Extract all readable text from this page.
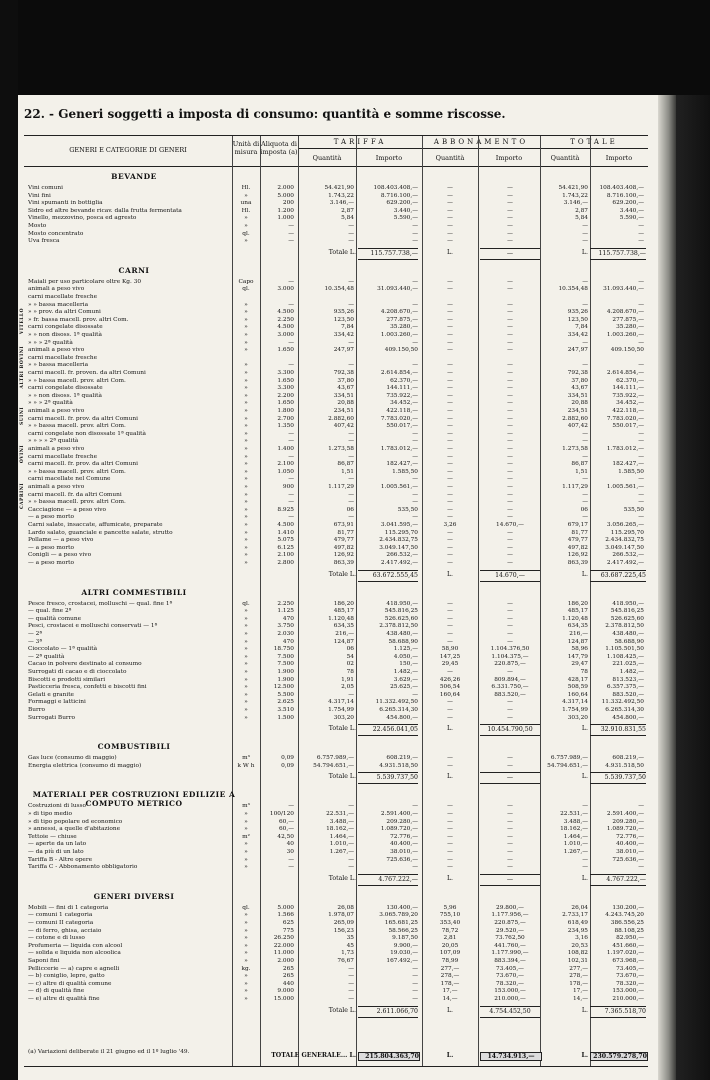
22. - Generi soggetti a imposta di consumo: quantità e somme riscosse.
GENERI E CATEGORIE DI GENERI
Unità di misura
Aliquota di imposta (a)
TARIFFA	ABBONAMENTO	TOTALE
Quantità	Importo	Quantità	Importo	Quantità	Importo
BEVANDE
Vini comuni	Hl.	2.000	54.421,90	108.403.408,—	—	—	54.421,90	108.403.408,—
Vini fini	»	5.000	1.743,22	8.716.100,—	—	—	1.743,22	8.716.100,—
Vini spumanti in bottiglia	una	200	3.146,—	629.200,—	—	—	3.146,—	629.200,—
Sidro ed altre bevande ricav. dalla frutta fermentata	Hl.	1.200	2,87	3.440,—	—	—	2,87	3.440,—
Vinello, mezzovino, posca ed agresto	»	1.000	5,84	5.590,—	—	—	5,84	5.590,—
Mosto	»	—	—	—	—	—	—	—
Mosto concentrato	ql.	—	—	—	—	—	—	—
Uva fresca	»	—	—	—	—	—	—	—
Totale L.	115.757.738,—	L.	—	L.	115.757.738,—
CARNI
Maiali per uso particolare oltre Kg. 30	Capo	—	—	—	—	—	—	—
animali a peso vivo	ql.	3.000	10.354,48	31.093.440,—	—	—	10.354,48	31.093.440,—
carni macellate fresche
» » bassa macelleria	»	—	—	—	—	—	—	—
» » prov. da altri Comuni	»	4.500	935,26	4.208.670,—	—	—	935,26	4.208.670,—
VITELLO » fr. bassa macell. prov. altri Com.	»	2.250	123,50	277.875,—	—	—	123,50	277.875,—
carni congelate disossate	»	4.500	7,84	35.280,—	—	—	7,84	35.280,—
» » non disoss. 1ª qualità	»	3.000	334,42	1.003.260,—	—	—	334,42	1.003.260,—
» » » 2ª qualità	»	—	—	—	—	—	—	—
animali a peso vivo	»	1.650	247,97	409.150,50	—	—	247,97	409.150,50
ALTRI BOVINI carni macellate fresche
» » bassa macelleria	»	—	—	—	—	—	—	—
carni macell. fr. proven. da altri Comuni	»	3.300	792,38	2.614.854,—	—	—	792,38	2.614.854,—
» » bassa macell. prov. altri Com.	»	1.650	37,80	62.370,—	—	—	37,80	62.370,—
carni congelate disossate	»	3.300	43,67	144.111,—	—	—	43,67	144.111,—
» » non disoss. 1ª qualità	»	2.200	334,51	735.922,—	—	—	334,51	735.922,—
» » » 2ª qualità	»	1.650	20,88	34.452,—	—	—	20,88	34.452,—
animali a peso vivo	»	1.800	234,51	422.118,—	—	—	234,51	422.118,—
SUINI carni macell. fr. prov. da altri Comuni	»	2.700	2.882,60	7.783.020,—	—	—	2.882,60	7.783.020,—
» » bassa macell. prov. altri Com.	»	1.350	407,42	550.017,—	—	—	407,42	550.017,—
carni congelate non disossate 1ª qualità	»	—	—	—	—	—	—	—
» » » » 2ª qualità	»	—	—	—	—	—	—	—
animali a peso vivo	»	1.400	1.273,58	1.783.012,—	—	—	1.273,58	1.783.012,—
OVINI carni macellate fresche	»	—	—	—	—	—	—	—
carni macell. fr. prov. da altri Comuni	»	2.100	86,87	182.427,—	—	—	86,87	182.427,—
» » bassa macell. prov. altri Com.	»	1.050	1,51	1.585,50	—	—	1,51	1.585,50
carni macellate nel Comune	»	—	—	—	—	—	—	—
animali a peso vivo	»	900	1.117,29	1.005.561,—	—	—	1.117,29	1.005.561,—
CAPRINI carni macell. fr. da altri Comuni	»	—	—	—	—	—	—	—
» » bassa macell. prov. altri Com.	»	—	—	—	—	—	—	—
Cacciagione — a peso vivo	»	8.925	06	535,50	—	—	06	535,50
— a peso morto	»	—	—	—	—	—	—	—
Carni salate, insaccate, affumicate, preparate	»	4.500	673,91	3.041.595,—	3,26	14.670,—	679,17	3.056.265,—
Lardo salato, guanciale e pancette salate, strutto	»	1.410	81,77	115.295,70	—	—	81,77	115.295,70
Pollame — a peso vivo	»	5.075	479,77	2.434.832,75	—	—	479,77	2.434.832,75
— a peso morto	»	6.125	497,82	3.049.147,50	—	—	497,82	3.049.147,50
Conigli — a peso vivo	»	2.100	126,92	266.532,—	—	—	126,92	266.532,—
— a peso morto	»	2.800	863,39	2.417.492,—	—	—	863,39	2.417.492,—
Totale L.	63.672.555,45	L.	14.670,—	L.	63.687.225,45
ALTRI COMMESTIBILI
Pesce fresco, crostacei, molluschi — qual. fine 1ª	ql.	2.250	186,20	418.950,—	—	—	186,20	418.950,—
— qual. fine 2ª	»	1.125	485,17	545.816,25	—	—	485,17	545.816,25
— qualità comune	»	470	1.120,48	526.625,60	—	—	1.120,48	526.625,60
Pesci, crostacei e molluschi conservati — 1ª	»	3.750	634,35	2.378.812,50	—	—	634,35	2.378.812,50
— 2ª	»	2.030	216,—	438.480,—	—	—	216,—	438.480,—
— 3ª	»	470	124,87	58.688,90	—	—	124,87	58.688,90
Cioccolato — 1ª qualità	»	18.750	06	1.125,—	58,90	1.104.376,50	58,96	1.105.501,50
— 2ª qualità	»	7.500	54	4.050,—	147,25	1.104.375,—	147,79	1.108.425,—
Cacao in polvere destinato al consumo	»	7.500	02	150,—	29,45	220.875,—	29,47	221.025,—
Surrogati di cacao e di cioccolato	»	1.900	78	1.482,—	—	—	78	1.482,—
Biscotti e prodotti similari	»	1.900	1,91	3.629,—	426,26	809.894,—	428,17	813.523,—
Pasticceria fresca, confetti e biscotti fini	»	12.500	2,05	25.625,—	506,54	6.331.750,—	508,59	6.357.375,—
Gelati e granite	»	5.500	—	—	160,64	883.520,—	160,64	883.520,—
Formaggi e latticini	»	2.625	4.317,14	11.332.492,50	—	—	4.317,14	11.332.492,50
Burro	»	3.510	1.754,99	6.265.314,30	—	—	1.754,99	6.265.314,30
Surrogati Burro	»	1.500	303,20	454.800,—	—	—	303,20	454.800,—
Totale L.	22.456.041,05	L.	10.454.790,50	L.	32.910.831,55
COMBUSTIBILI
Gas luce (consumo di maggio)	m³	0,09	6.757.989,—	608.219,—	—	—	6.757.989,—	608.219,—
Energia elettrica (consumo di maggio)	k W h	0,09	54.794.651,—	4.931.518,50	—	—	54.794.651,—	4.931.518,50
Totale L.	5.539.737,50	L.	—	L.	5.539.737,50
MATERIALI PER COSTRUZIONI EDILIZIE A COMPUTO METRICO
Costruzioni di lusso	m³	—	—	—	—	—	—	—
» di tipo medio	»	100/120	22.531,—	2.591.400,—	—	—	22.531,—	2.591.400,—
» di tipo popolare od economico	»	60,—	3.488,—	209.280,—	—	—	3.488,—	209.280,—
» annessi, a quelle d'abitazione	»	60,—	18.162,—	1.089.720,—	—	—	18.162,—	1.089.720,—
Tettoie — chiuse	m²	42,50	1.464,—	72.776,—	—	—	1.464,—	72.776,—
— aperte da un lato	»	40	1.010,—	40.400,—	—	—	1.010,—	40.400,—
— da più di un lato	»	30	1.267,—	38.010,—	—	—	1.267,—	38.010,—
Tariffa B - Altre opere	»	—	—	725.636,—	—	—	—	725.636,—
Tariffa C - Abbonamento obbligatorio	»	—	—	—	—	—	—	—
Totale L.	4.767.222,—	L.	—	L.	4.767.222,—
GENERI DIVERSI
Mobili — fini di 1 categoria	ql.	5.000	26,08	130.400,—	5,96	29.800,—	26,04	130.200,—
— comuni 1 categoria	»	1.566	1.978,07	3.065.789,20	755,10	1.177.956,—	2.733,17	4.243.745,20
— comuni II categoria	»	625	265,09	165.681,25	353,40	220.875,—	618,49	386.556,25
— di ferro, ghisa, acciaio	»	775	156,23	58.566,25	78,72	29.520,—	234,95	88.108,25
— cotone e di lusso	»	26.250	35	9.187,50	2,81	73.762,50	3,16	82.950,—
Profumeria — liquida con alcool	»	22.000	45	9.900,—	20,05	441.760,—	20,53	451.660,—
— solida e liquida non alcoolica	»	11.000	1,73	19.030,—	107,09	1.177.990,—	108,82	1.197.020,—
Saponi fini	»	2.000	76,67	167.492,—	78,99	883.394,—	102,31	673.968,—
Pelliccerie — a) capre e agnelli	kg.	265	—	—	277,—	73.405,—	277,—	73.405,—
— b) coniglio, lepre, gatto	»	265	—	—	278,—	73.670,—	278,—	73.670,—
— c) altre di qualità comune	»	440	—	—	178,—	78.320,—	178,—	78.320,—
— d) di qualità fine	»	9.000	—	—	17,—	153.000,—	17,—	153.000,—
— e) altre di qualità fine	»	15.000	—	—	14,—	210.000,—	14,—	210.000,—
Totale L.	2.611.066,70	L.	4.754.452,50	L.	7.365.518,70
(a) Variazioni deliberate il 21 giugno ed il 1º luglio '49.	TOTALE GENERALE... L.	215.804.363,70	L.	14.734.913,—	L. 230.579.278,70
